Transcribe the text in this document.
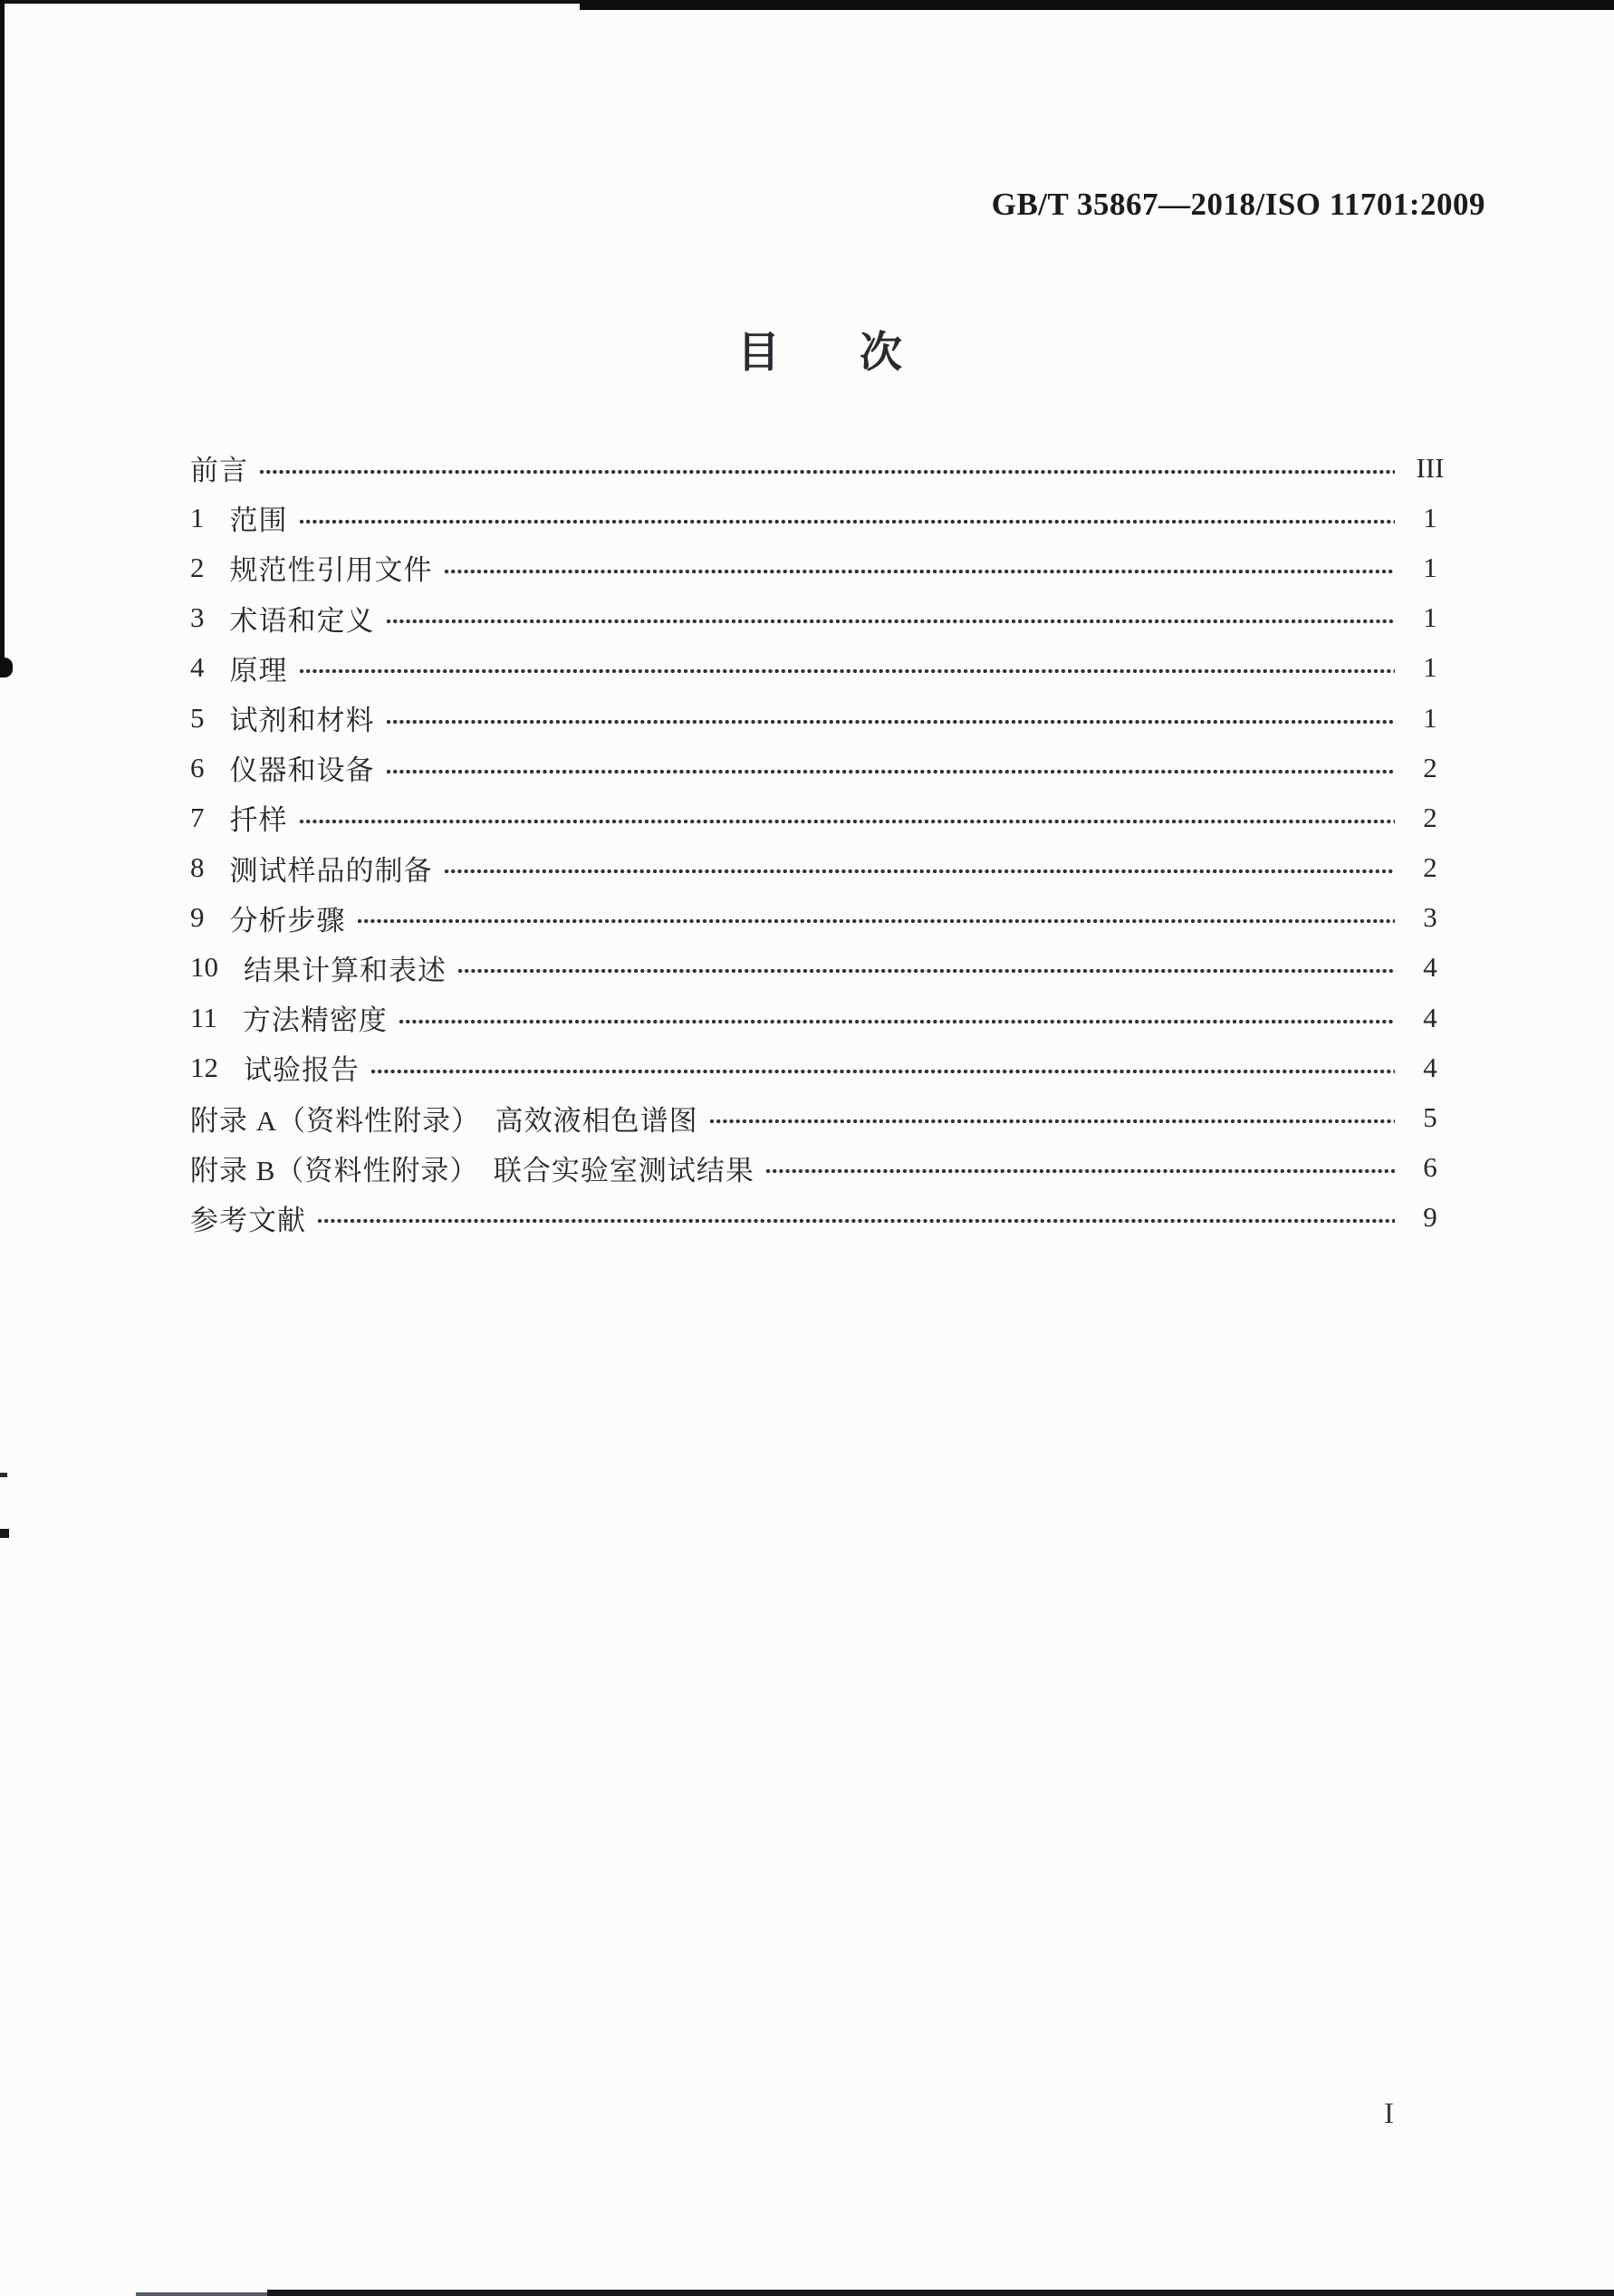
GB/T 35867—2018/ISO 11701:2009
目 次
前言	III
1 范围	1
2 规范性引用文件	1
3 术语和定义	1
4 原理	1
5 试剂和材料	1
6 仪器和设备	2
7 扦样	2
8 测试样品的制备	2
9 分析步骤	3
10 结果计算和表述	4
11 方法精密度	4
12 试验报告	4
附录 A（资料性附录）　高效液相色谱图	5
附录 B（资料性附录）　联合实验室测试结果	6
参考文献	9
I
